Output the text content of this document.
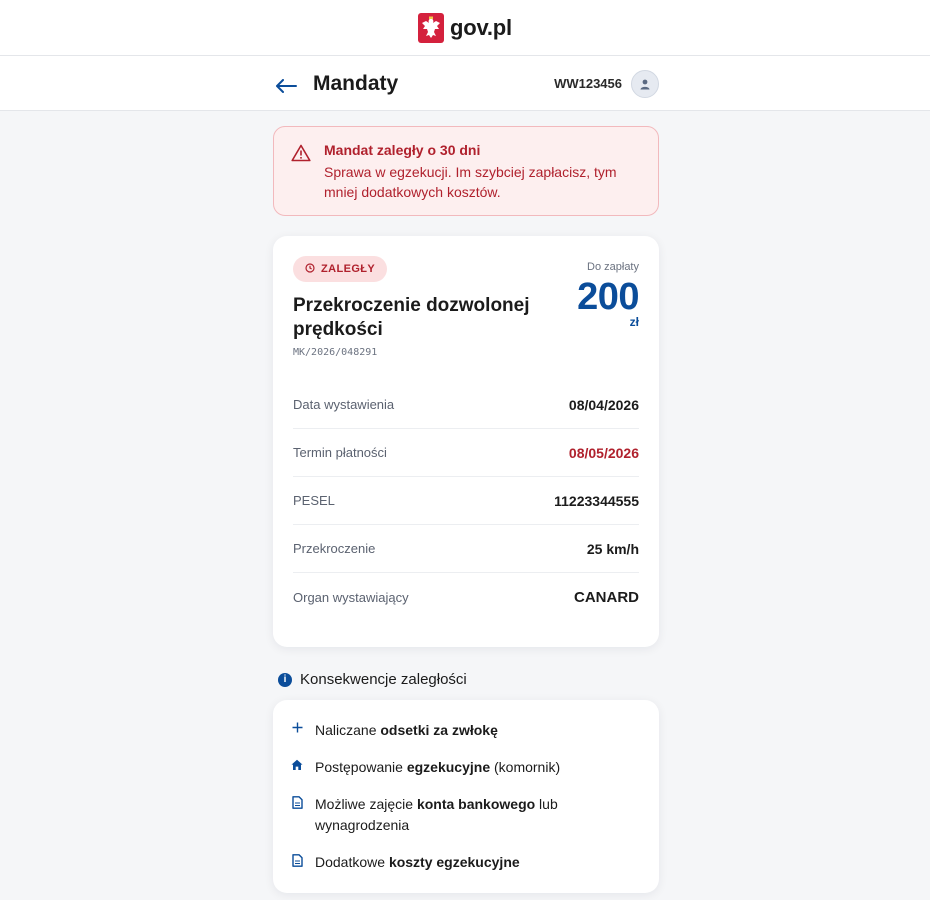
gov.pl
Mandaty	WW123456
Mandat zaległy o 30 dni
Sprawa w egzekucji. Im szybciej zapłacisz, tym mniej dodatkowych kosztów.
ZALEGŁY	Do zapłaty
200
zł
Przekroczenie dozwolonej prędkości
MK/2026/048291
Data wystawienia	08/04/2026
Termin płatności	08/05/2026
PESEL	11223344555
Przekroczenie	25 km/h
Organ wystawiający	CANARD
i Konsekwencje zaległości
Naliczane odsetki za zwłokę
Postępowanie egzekucyjne (komornik)
Możliwe zajęcie konta bankowego lub wynagrodzenia
Dodatkowe koszty egzekucyjne
